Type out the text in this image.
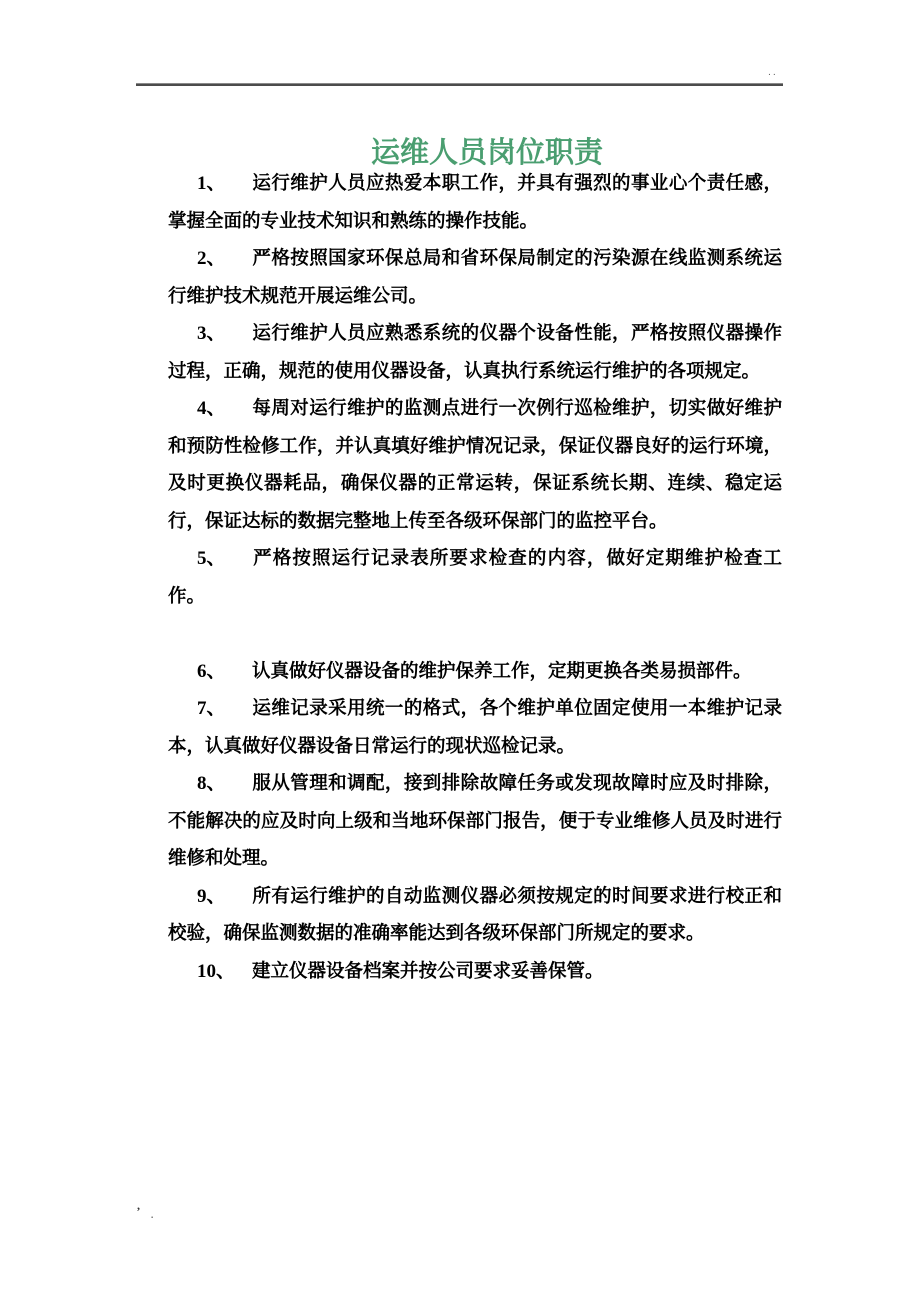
..
运维人员岗位职责

1、 运行维护人员应热爱本职工作，并具有强烈的事业心个责任感，掌握全面的专业技术知识和熟练的操作技能。

2、 严格按照国家环保总局和省环保局制定的污染源在线监测系统运行维护技术规范开展运维公司。

3、 运行维护人员应熟悉系统的仪器个设备性能，严格按照仪器操作过程，正确，规范的使用仪器设备，认真执行系统运行维护的各项规定。

4、 每周对运行维护的监测点进行一次例行巡检维护，切实做好维护和预防性检修工作，并认真填好维护情况记录，保证仪器良好的运行环境，及时更换仪器耗品，确保仪器的正常运转，保证系统长期、连续、稳定运行，保证达标的数据完整地上传至各级环保部门的监控平台。

5、 严格按照运行记录表所要求检查的内容，做好定期维护检查工作。

6、 认真做好仪器设备的维护保养工作，定期更换各类易损部件。

7、 运维记录采用统一的格式，各个维护单位固定使用一本维护记录本，认真做好仪器设备日常运行的现状巡检记录。

8、 服从管理和调配，接到排除故障任务或发现故障时应及时排除，不能解决的应及时向上级和当地环保部门报告，便于专业维修人员及时进行维修和处理。

9、 所有运行维护的自动监测仪器必须按规定的时间要求进行校正和校验，确保监测数据的准确率能达到各级环保部门所规定的要求。

10、 建立仪器设备档案并按公司要求妥善保管。

,
.
